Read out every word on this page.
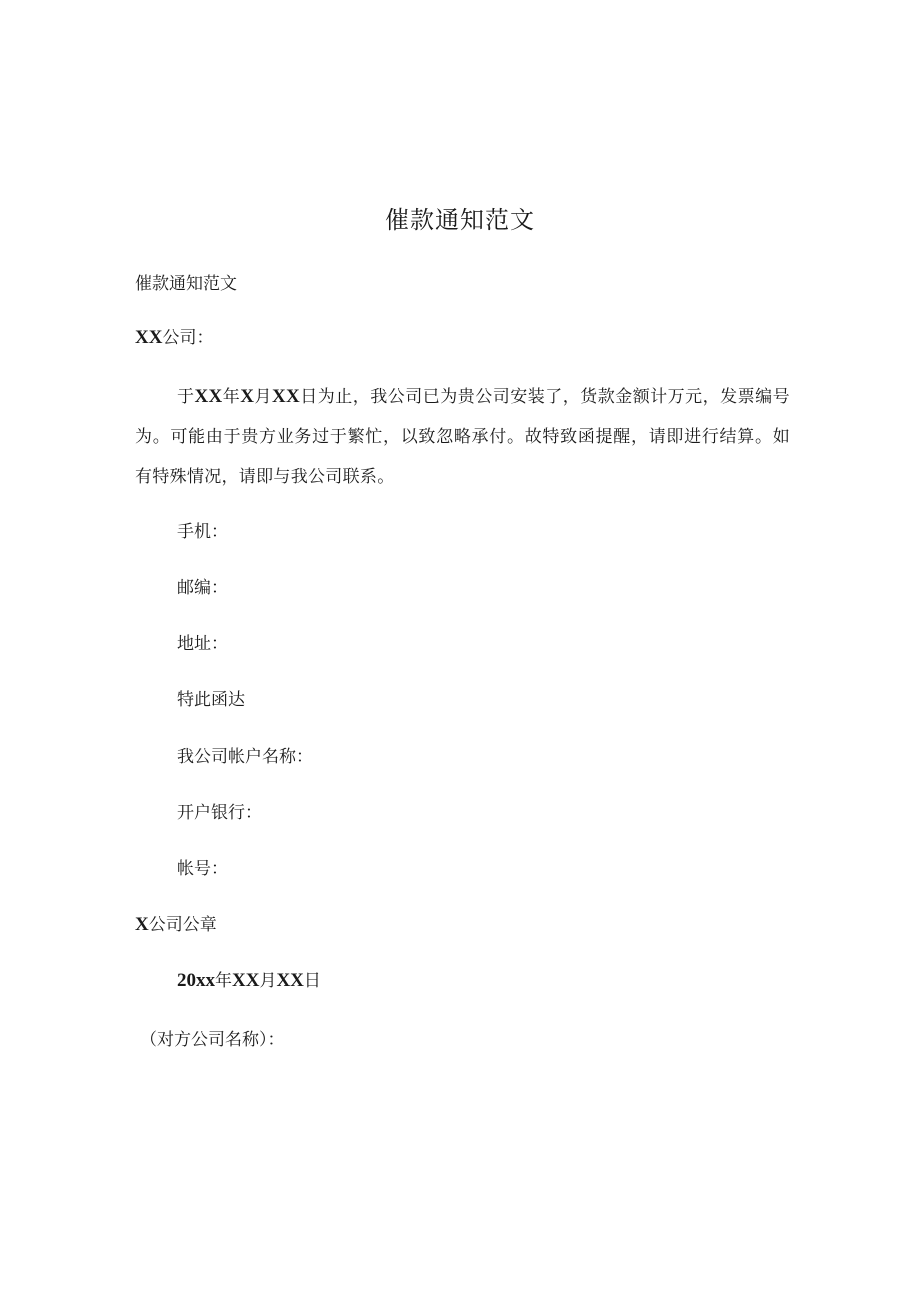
催款通知范文
催款通知范文
XX公司：
于XX年X月XX日为止，我公司已为贵公司安装了，货款金额计万元，发票编号为。可能由于贵方业务过于繁忙，以致忽略承付。故特致函提醒，请即进行结算。如有特殊情况，请即与我公司联系。
手机：
邮编：
地址：
特此函达
我公司帐户名称：
开户银行：
帐号：
X公司公章
20xx年XX月XX日
（对方公司名称）：
